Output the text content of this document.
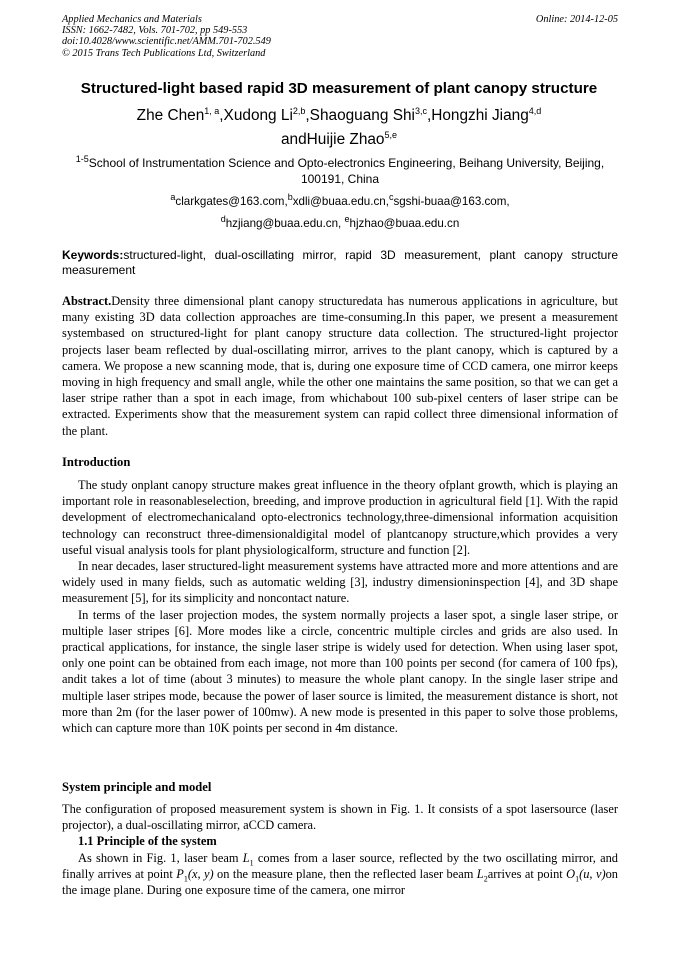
Applied Mechanics and Materials
ISSN: 1662-7482, Vols. 701-702, pp 549-553
doi:10.4028/www.scientific.net/AMM.701-702.549
© 2015 Trans Tech Publications Ltd, Switzerland
Online: 2014-12-05
Structured-light based rapid 3D measurement of plant canopy structure
Zhe Chen$^{1, a}$,Xudong Li$^{2,b}$,Shaoguang Shi$^{3,c}$,Hongzhi Jiang$^{4,d}$
andHuijie Zhao$^{5,e}$
$^{1-5}$School of Instrumentation Science and Opto-electronics Engineering, Beihang University, Beijing, 100191, China
$^a$clarkgates@163.com,$^b$xdli@buaa.edu.cn,$^c$sgshi-buaa@163.com,
$^d$hzjiang@buaa.edu.cn, $^e$hjzhao@buaa.edu.cn
Keywords:structured-light, dual-oscillating mirror, rapid 3D measurement, plant canopy structure measurement
Abstract.Density three dimensional plant canopy structuredata has numerous applications in agriculture, but many existing 3D data collection approaches are time-consuming.In this paper, we present a measurement systembased on structured-light for plant canopy structure data collection. The structured-light projector projects laser beam reflected by dual-oscillating mirror, arrives to the plant canopy, which is captured by a camera. We propose a new scanning mode, that is, during one exposure time of CCD camera, one mirror keeps moving in high frequency and small angle, while the other one maintains the same position, so that we can get a laser stripe rather than a spot in each image, from whichabout 100 sub-pixel centers of laser stripe can be extracted. Experiments show that the measurement system can rapid collect three dimensional information of the plant.
Introduction

The study onplant canopy structure makes great influence in the theory ofplant growth, which is playing an important role in reasonableselection, breeding, and improve production in agricultural field [1]. With the rapid development of electromechanicaland opto-electronics technology,three-dimensional information acquisition technology can reconstruct three-dimensionaldigital model of plantcanopy structure,which provides a very useful visual analysis tools for plant physiologicalform, structure and function [2].

In near decades, laser structured-light measurement systems have attracted more and more attentions and are widely used in many fields, such as automatic welding [3], industry dimensioninspection [4], and 3D shape measurement [5], for its simplicity and noncontact nature.

In terms of the laser projection modes, the system normally projects a laser spot, a single laser stripe, or multiple laser stripes [6]. More modes like a circle, concentric multiple circles and grids are also used. In practical applications, for instance, the single laser stripe is widely used for detection. When using laser spot, only one point can be obtained from each image, not more than 100 points per second (for camera of 100 fps), andit takes a lot of time (about 3 minutes) to measure the whole plant canopy. In the single laser stripe and multiple laser stripes mode, because the power of laser source is limited, the measurement distance is short, not more than 2m (for the laser power of 100mw). A new mode is presented in this paper to solve those problems, which can capture more than 10K points per second in 4m distance.

System principle and model

The configuration of proposed measurement system is shown in Fig. 1. It consists of a spot lasersource (laser projector), a dual-oscillating mirror, aCCD camera.

1.1 Principle of the system

As shown in Fig. 1, laser beam $L_1$ comes from a laser source, reflected by the two oscillating mirror, and finally arrives at point $P_1(x$, y) on the measure plane, then the reflected laser beam $L_2arrives$ at point $O_1(u$, v)on the image plane. During one exposure time of the camera, one mirror
